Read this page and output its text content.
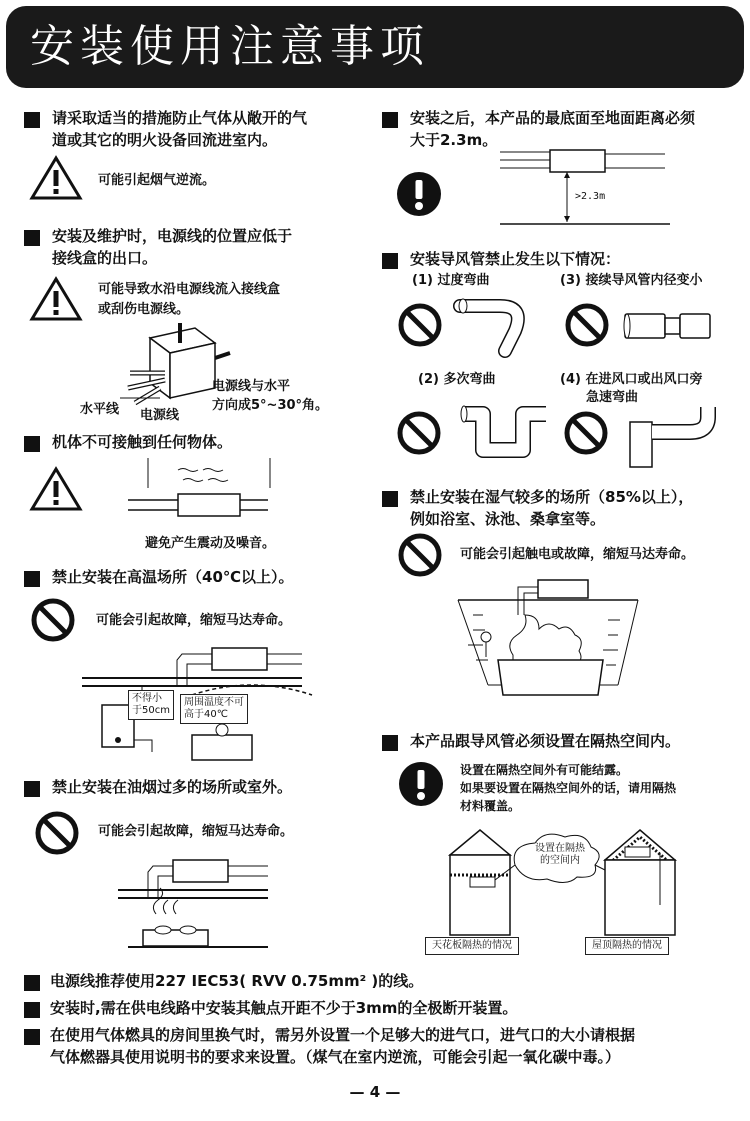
安装使用注意事项
请采取适当的措施防止气体从敞开的气
道或其它的明火设备回流进室内。
可能引起烟气逆流。
安装及维护时，电源线的位置应低于
接线盒的出口。
可能导致水沿电源线流入接线盒
或刮伤电源线。
电源线与水平
方向成5°~30°角。
水平线 电源线
机体不可接触到任何物体。
避免产生震动及噪音。
禁止安装在高温场所（40℃以上）。
可能会引起故障，缩短马达寿命。
不得小
于50cm
周围温度不可
高于40℃
禁止安装在油烟过多的场所或室外。
可能会引起故障，缩短马达寿命。
安装之后，本产品的最底面至地面距离必须
大于2.3m。
>2.3m
安装导风管禁止发生以下情况：
(1) 过度弯曲	(3) 接续导风管内径变小
(2) 多次弯曲	(4) 在进风口或出风口旁
急速弯曲
禁止安装在湿气较多的场所（85%以上），
例如浴室、泳池、桑拿室等。
可能会引起触电或故障，缩短马达寿命。
本产品跟导风管必须设置在隔热空间内。
设置在隔热空间外有可能结露。
如果要设置在隔热空间外的话，请用隔热
材料覆盖。
设置在隔热
的空间内
天花板隔热的情况	屋顶隔热的情况
电源线推荐使用227 IEC53( RVV 0.75mm² )的线。
安装时,需在供电线路中安装其触点开距不少于3mm的全极断开装置。
在使用气体燃具的房间里换气时，需另外设置一个足够大的进气口，进气口的大小请根据
气体燃器具使用说明书的要求来设置。（煤气在室内逆流，可能会引起一氧化碳中毒。）
— 4 —
